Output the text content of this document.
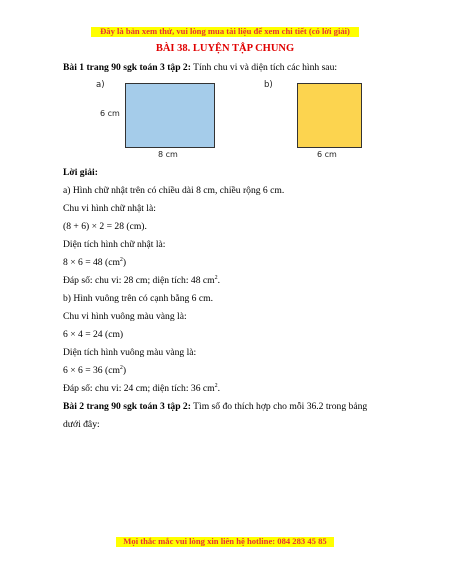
Đây là bản xem thử, vui lòng mua tài liệu để xem chi tiết (có lời giải)
BÀI 38. LUYỆN TẬP CHUNG
Bài 1 trang 90 sgk toán 3 tập 2: Tính chu vi và diện tích các hình sau:
a)	b)
6 cm
8 cm	6 cm
Lời giải:
a) Hình chữ nhật trên có chiều dài 8 cm, chiều rộng 6 cm.
Chu vi hình chữ nhật là:
(8 + 6) × 2 = 28 (cm).
Diện tích hình chữ nhật là:
8 × 6 = 48 $(cm^2)$
Đáp số: chu vi: 28 cm; diện tích: 48 $cm^2$.
b) Hình vuông trên có cạnh bằng 6 cm.
Chu vi hình vuông màu vàng là:
6 × 4 = 24 (cm)
Diện tích hình vuông màu vàng là:
6 × 6 = 36 $(cm^2)$
Đáp số: chu vi: 24 cm; diện tích: 36 $cm^2$.
Bài 2 trang 90 sgk toán 3 tập 2: Tìm số đo thích hợp cho mỗi 36.2 trong bảng dưới đây:
Mọi thắc mắc vui lòng xin liên hệ hotline: 084 283 45 85
